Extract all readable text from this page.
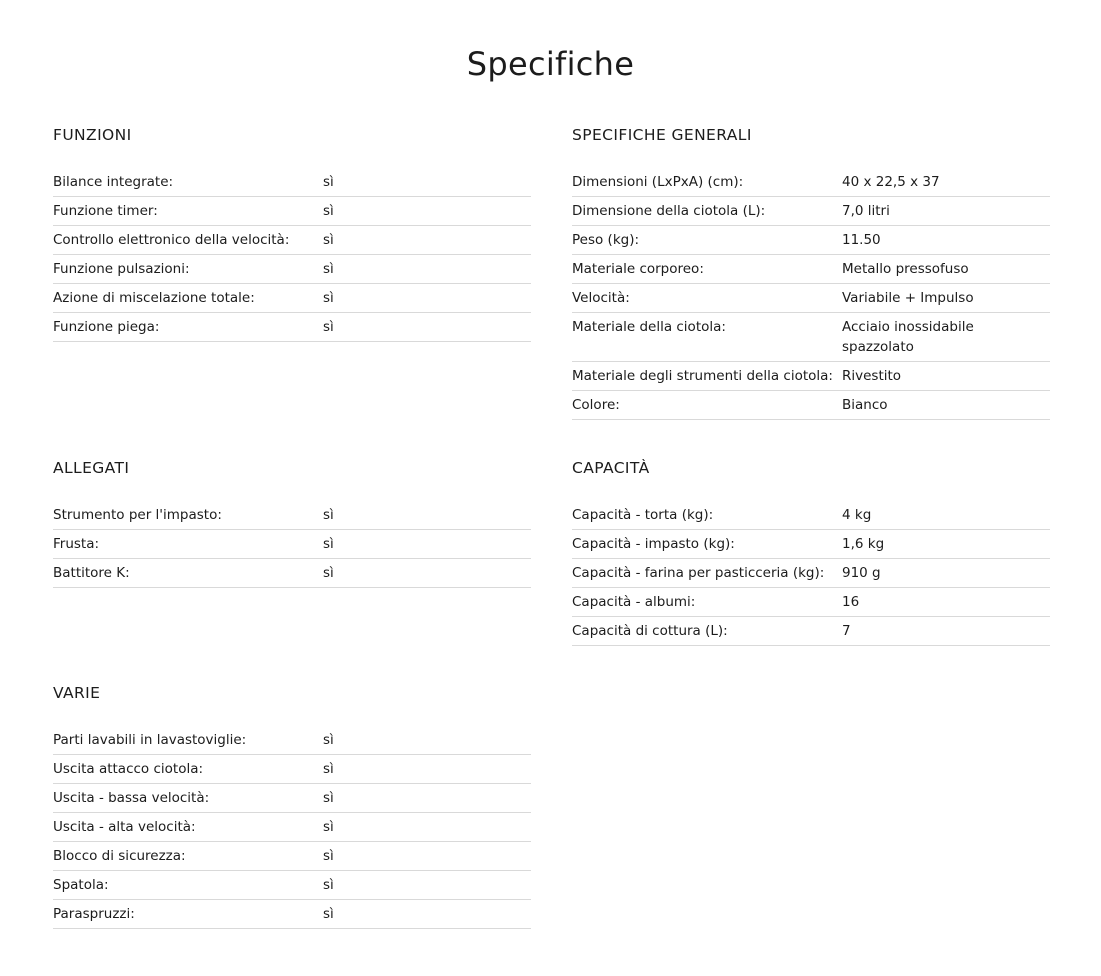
Specifiche
FUNZIONI
Bilance integrate:	sì
Funzione timer:	sì
Controllo elettronico della velocità:	sì
Funzione pulsazioni:	sì
Azione di miscelazione totale:	sì
Funzione piega:	sì
SPECIFICHE GENERALI
Dimensioni (LxPxA) (cm):	40 x 22,5 x 37
Dimensione della ciotola (L):	7,0 litri
Peso (kg):	11.50
Materiale corporeo:	Metallo pressofuso
Velocità:	Variabile + Impulso
Materiale della ciotola:	Acciaio inossidabile spazzolato
Materiale degli strumenti della ciotola: Rivestito
Colore:	Bianco
ALLEGATI
Strumento per l'impasto:	sì
Frusta:	sì
Battitore K:	sì
CAPACITÀ
Capacità - torta (kg):	4 kg
Capacità - impasto (kg):	1,6 kg
Capacità - farina per pasticceria (kg):	910 g
Capacità - albumi:	16
Capacità di cottura (L):	7
VARIE
Parti lavabili in lavastoviglie:	sì
Uscita attacco ciotola:	sì
Uscita - bassa velocità:	sì
Uscita - alta velocità:	sì
Blocco di sicurezza:	sì
Spatola:	sì
Paraspruzzi:	sì
